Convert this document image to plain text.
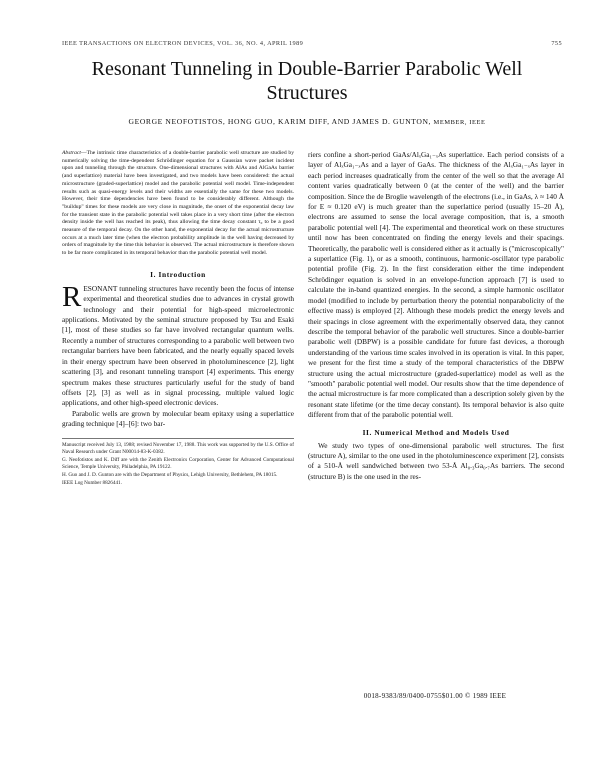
IEEE TRANSACTIONS ON ELECTRON DEVICES, VOL. 36, NO. 4, APRIL 1989	755
Resonant Tunneling in Double-Barrier Parabolic Well Structures
GEORGE NEOFOTISTOS, HONG GUO, KARIM DIFF, AND JAMES D. GUNTON, MEMBER, IEEE

Abstract—The intrinsic time characteristics of a double-barrier parabolic well structure are studied by numerically solving the time-dependent Schrödinger equation for a Gaussian wave packet incident upon and tunneling through the structure. One-dimensional structures with AlAs and AlGaAs barrier (and superlattice) material have been investigated, and two models have been considered: the actual microstructure (graded-superlattice) model and the parabolic potential well model. Time-independent results such as quasi-energy levels and their widths are essentially the same for these two models. However, their time dependencies have been found to be considerably different. Although the "buildup" times for these models are very close in magnitude, the onset of the exponential decay law for the transient state in the parabolic potential well takes place in a very short time (after the electron density inside the well has reached its peak), thus allowing the time decay constant τ₀ to be a good measure of the temporal decay. On the other hand, the exponential decay for the actual microstructure occurs at a much later time (when the electron probability amplitude in the well having decreased by orders of magnitude by the time this behavior is observed. The actual microstructure is therefore shown to be far more complicated in its temporal behavior than the parabolic potential well model.

I. Introduction

RESONANT tunneling structures have recently been the focus of intense experimental and theoretical studies due to advances in crystal growth technology and their potential for high-speed microelectronic applications. Motivated by the seminal structure proposed by Tsu and Esaki [1], most of these studies so far have involved rectangular quantum wells. Recently a number of structures corresponding to a parabolic well between two rectangular barriers have been fabricated, and the nearly equally spaced levels in their energy spectrum have been observed in photoluminescence [2], light scattering [3], and resonant tunneling transport [4] experiments. This energy spectrum makes these structures particularly useful for the study of band offsets [2], [3] as well as in signal processing, multiple valued logic applications, and other high-speed electronic devices.

Parabolic wells are grown by molecular beam epitaxy using a superlattice grading technique [4]–[6]: two bar-

Manuscript received July 13, 1988; revised November 17, 1988. This work was supported by the U.S. Office of Naval Research under Grant N00014-83-K-0382.

G. Neofotistos and K. Diff are with the Zenith Electronics Corporation, Center for Advanced Computational Science, Temple University, Philadelphia, PA 19122.

H. Guo and J. D. Gunton are with the Department of Physics, Lehigh University, Bethlehem, PA 18015.

IEEE Log Number 8826441.

riers confine a short-period GaAs/AlₓGa₁₋ₓAs superlattice. Each period consists of a layer of AlₓGa₁₋ₓAs and a layer of GaAs. The thickness of the AlₓGa₁₋ₓAs layer in each period increases quadratically from the center of the well so that the average Al content varies quadratically between 0 (at the center of the well) and the barrier composition. Since the de Broglie wavelength of the electrons (i.e., in GaAs, λ ≈ 140 Å for E ≈ 0.120 eV) is much greater than the superlattice period (usually 15–20 Å), electrons are assumed to sense the local average composition, that is, a smooth parabolic potential well [4]. The experimental and theoretical work on these structures until now has been concentrated on finding the energy levels and their spacings. Theoretically, the parabolic well is considered either as it actually is ("microscopically" a superlattice (Fig. 1), or as a smooth, continuous, harmonic-oscillator type parabolic potential profile (Fig. 2). In the first consideration either the time independent Schrödinger equation is solved in an envelope-function approach [7] is used to calculate the in-band quantized energies. In the second, a simple harmonic oscillator model (modified to include by perturbation theory the potential nonparabolicity of the effective mass) is employed [2]. Although these models predict the energy levels and their spacings in close agreement with the experimentally observed data, they cannot describe the temporal behavior of the parabolic well structures. Since a double-barrier parabolic well (DBPW) is a possible candidate for future fast devices, a thorough understanding of the various time scales involved in its operation is vital. In this paper, we present for the first time a study of the temporal characteristics of the DBPW structure using the actual microstructure (graded-superlattice) model as well as the "smooth" parabolic potential well model. Our results show that the time dependence of the actual microstructure is far more complicated than a description solely given by the resonant state lifetime (or the time decay constant). Its temporal behavior is also quite different from that of the parabolic potential well.

II. Numerical Method and Models Used

We study two types of one-dimensional parabolic well structures. The first (structure A), similar to the one used in the photoluminescence experiment [2], consists of a 510-Å well sandwiched between two 53-Å Al₀.₃Ga₀.₇As barriers. The second (structure B) is the one used in the res-

0018-9383/89/0400-0755$01.00 © 1989 IEEE
